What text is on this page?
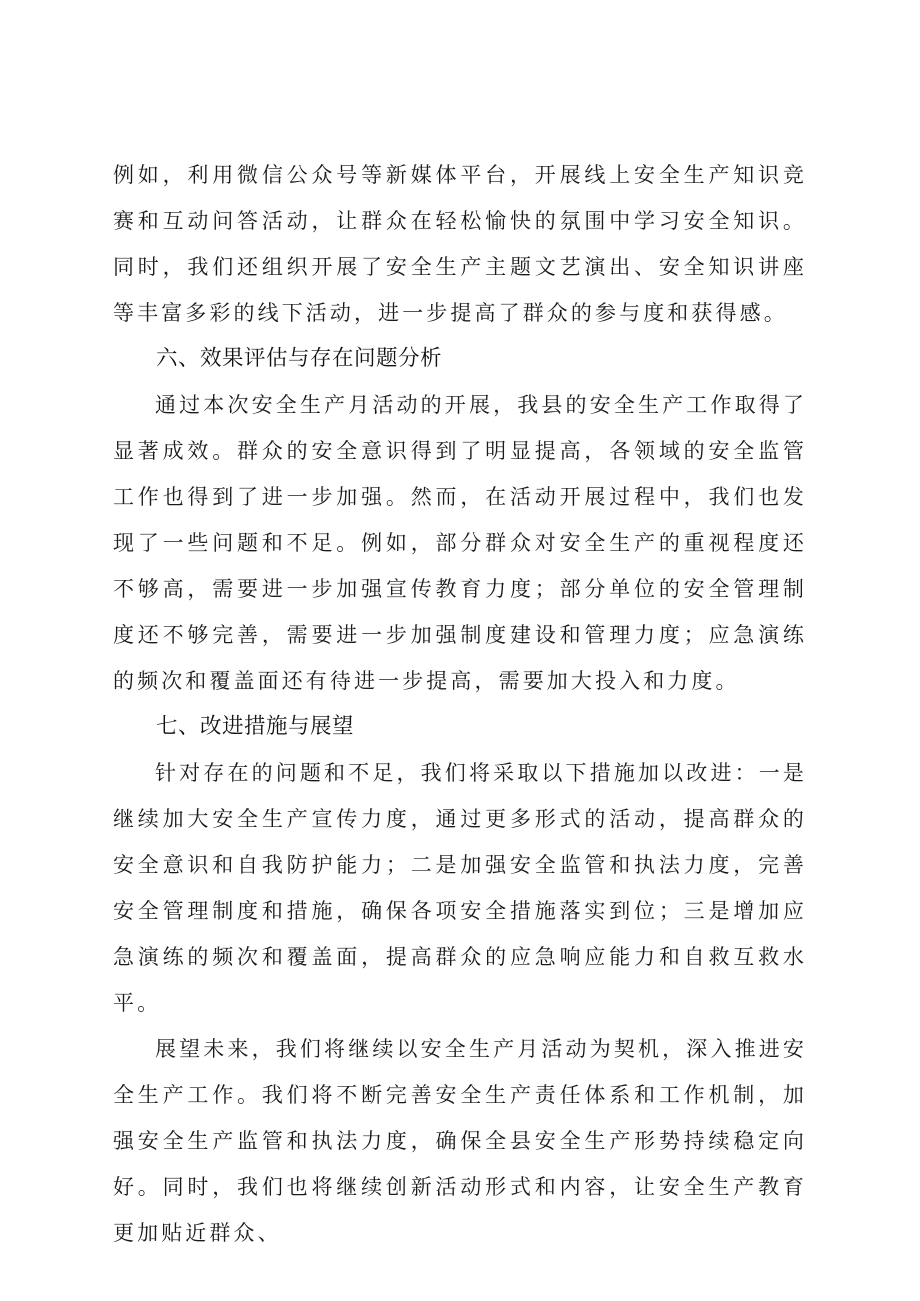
例如，利用微信公众号等新媒体平台，开展线上安全生产知识竞赛和互动问答活动，让群众在轻松愉快的氛围中学习安全知识。同时，我们还组织开展了安全生产主题文艺演出、安全知识讲座等丰富多彩的线下活动，进一步提高了群众的参与度和获得感。

六、效果评估与存在问题分析

通过本次安全生产月活动的开展，我县的安全生产工作取得了显著成效。群众的安全意识得到了明显提高，各领域的安全监管工作也得到了进一步加强。然而，在活动开展过程中，我们也发现了一些问题和不足。例如，部分群众对安全生产的重视程度还不够高，需要进一步加强宣传教育力度；部分单位的安全管理制度还不够完善，需要进一步加强制度建设和管理力度；应急演练的频次和覆盖面还有待进一步提高，需要加大投入和力度。

七、改进措施与展望

针对存在的问题和不足，我们将采取以下措施加以改进：一是继续加大安全生产宣传力度，通过更多形式的活动，提高群众的安全意识和自我防护能力；二是加强安全监管和执法力度，完善安全管理制度和措施，确保各项安全措施落实到位；三是增加应急演练的频次和覆盖面，提高群众的应急响应能力和自救互救水平。

展望未来，我们将继续以安全生产月活动为契机，深入推进安全生产工作。我们将不断完善安全生产责任体系和工作机制，加强安全生产监管和执法力度，确保全县安全生产形势持续稳定向好。同时，我们也将继续创新活动形式和内容，让安全生产教育更加贴近群众、
